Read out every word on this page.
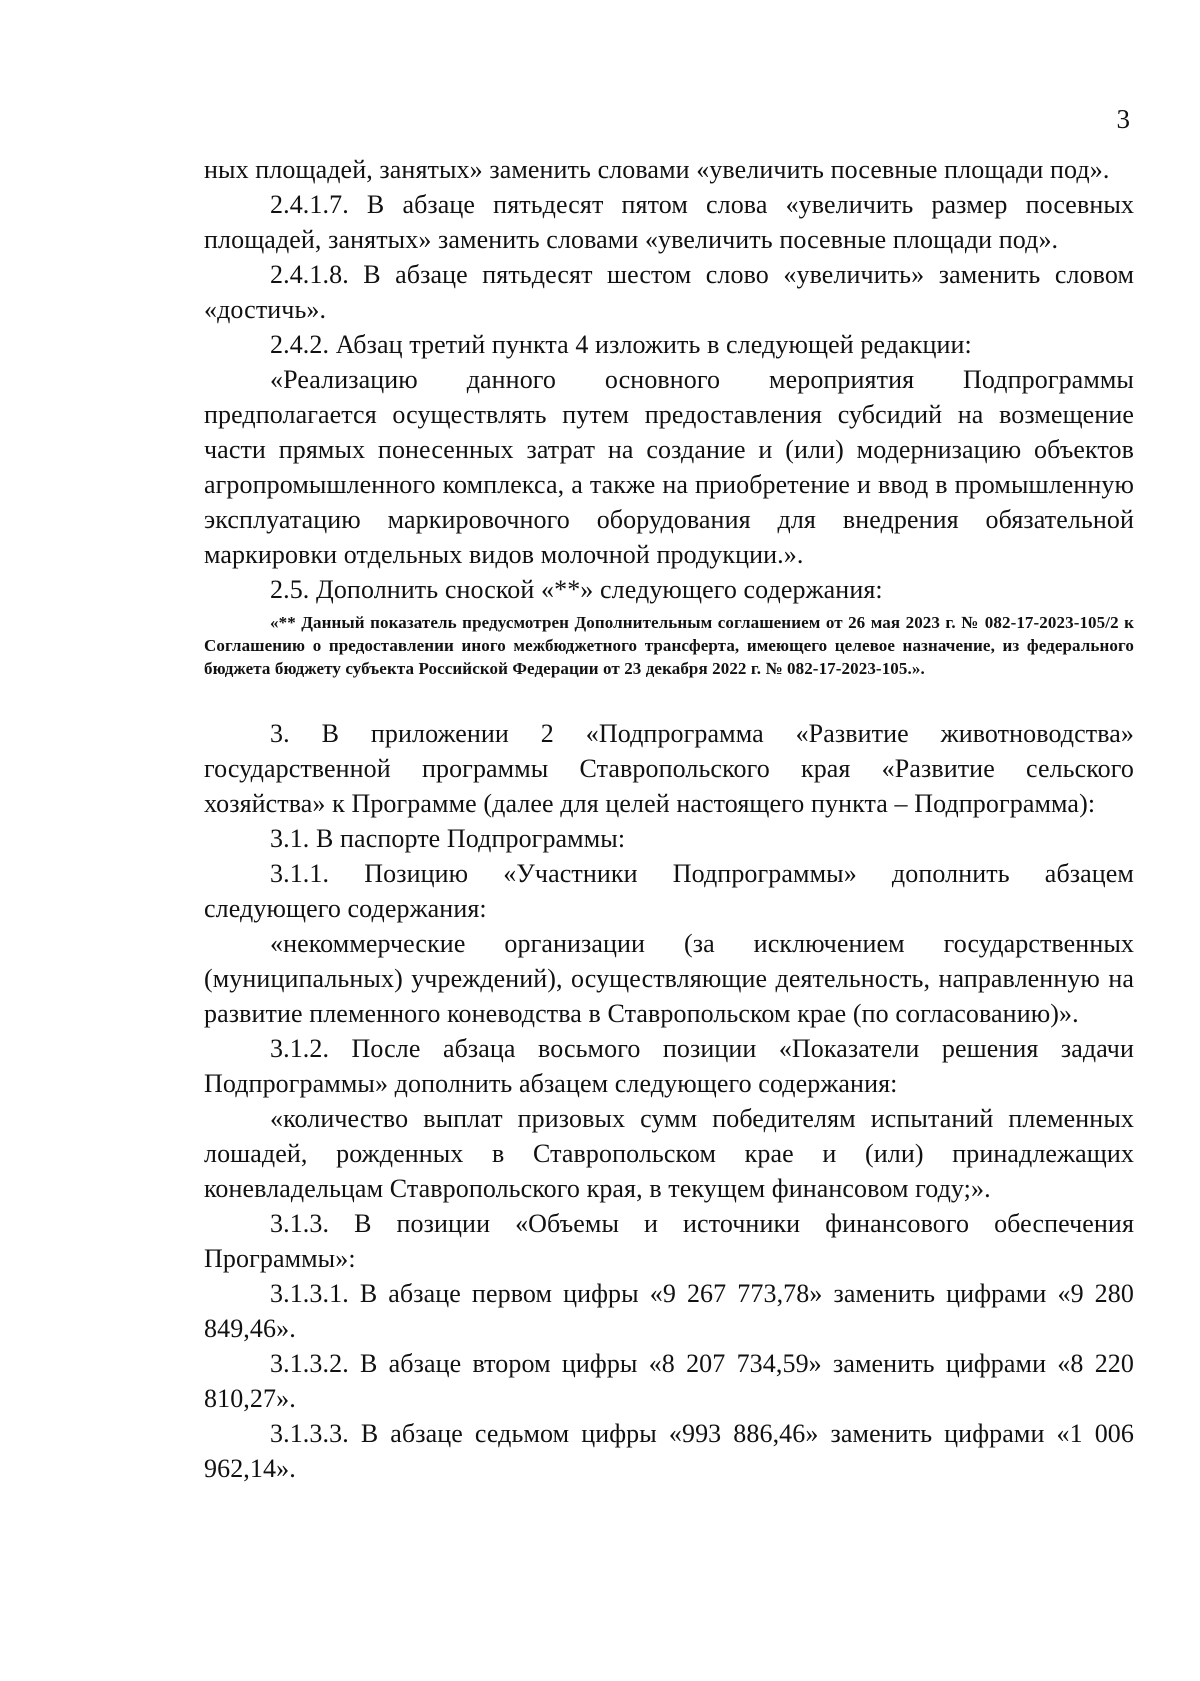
3

ных площадей, занятых» заменить словами «увеличить посевные площади под».

2.4.1.7. В абзаце пятьдесят пятом слова «увеличить размер посевных площадей, занятых» заменить словами «увеличить посевные площади под».

2.4.1.8. В абзаце пятьдесят шестом слово «увеличить» заменить словом «достичь».

2.4.2. Абзац третий пункта 4 изложить в следующей редакции:

«Реализацию данного основного мероприятия Подпрограммы предполагается осуществлять путем предоставления субсидий на возмещение части прямых понесенных затрат на создание и (или) модернизацию объектов агропромышленного комплекса, а также на приобретение и ввод в промышленную эксплуатацию маркировочного оборудования для внедрения обязательной маркировки отдельных видов молочной продукции.».

2.5. Дополнить сноской «**» следующего содержания:

«** Данный показатель предусмотрен Дополнительным соглашением от 26 мая 2023 г. № 082-17-2023-105/2 к Соглашению о предоставлении иного межбюджетного трансферта, имеющего целевое назначение, из федерального бюджета бюджету субъекта Российской Федерации от 23 декабря 2022 г. № 082-17-2023-105.».

3. В приложении 2 «Подпрограмма «Развитие животноводства» государственной программы Ставропольского края «Развитие сельского хозяйства» к Программе (далее для целей настоящего пункта – Подпрограмма):

3.1. В паспорте Подпрограммы:

3.1.1. Позицию «Участники Подпрограммы» дополнить абзацем следующего содержания:

«некоммерческие организации (за исключением государственных (муниципальных) учреждений), осуществляющие деятельность, направленную на развитие племенного коневодства в Ставропольском крае (по согласованию)».

3.1.2. После абзаца восьмого позиции «Показатели решения задачи Подпрограммы» дополнить абзацем следующего содержания:

«количество выплат призовых сумм победителям испытаний племенных лошадей, рожденных в Ставропольском крае и (или) принадлежащих коневладельцам Ставропольского края, в текущем финансовом году;».

3.1.3. В позиции «Объемы и источники финансового обеспечения Программы»:

3.1.3.1. В абзаце первом цифры «9 267 773,78» заменить цифрами «9 280 849,46».

3.1.3.2. В абзаце втором цифры «8 207 734,59» заменить цифрами «8 220 810,27».

3.1.3.3. В абзаце седьмом цифры «993 886,46» заменить цифрами «1 006 962,14».
